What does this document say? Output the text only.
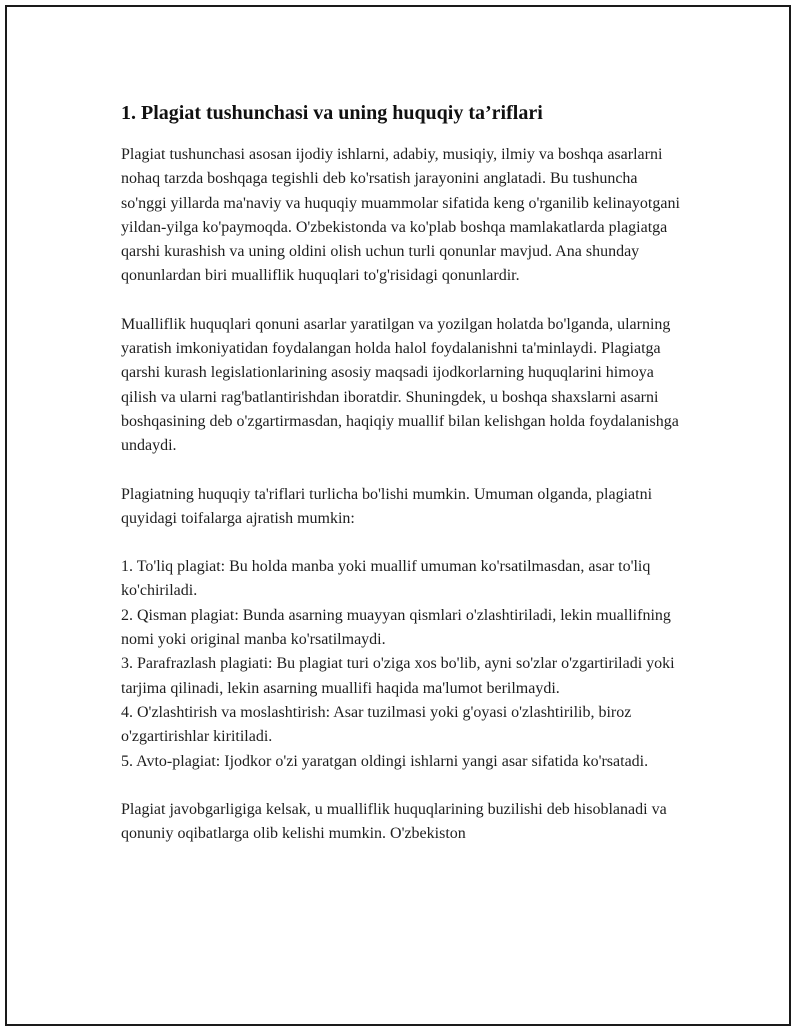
1. Plagiat tushunchasi va uning huquqiy ta’riflari

Plagiat tushunchasi asosan ijodiy ishlarni, adabiy, musiqiy, ilmiy va boshqa asarlarni nohaq tarzda boshqaga tegishli deb ko'rsatish jarayonini anglatadi. Bu tushuncha so'nggi yillarda ma'naviy va huquqiy muammolar sifatida keng o'rganilib kelinayotgani yildan-yilga ko'paymoqda. O'zbekistonda va ko'plab boshqa mamlakatlarda plagiatga qarshi kurashish va uning oldini olish uchun turli qonunlar mavjud. Ana shunday qonunlardan biri mualliflik huquqlari to'g'risidagi qonunlardir.

Mualliflik huquqlari qonuni asarlar yaratilgan va yozilgan holatda bo'lganda, ularning yaratish imkoniyatidan foydalangan holda halol foydalanishni ta'minlaydi. Plagiatga qarshi kurash legislationlarining asosiy maqsadi ijodkorlarning huquqlarini himoya qilish va ularni rag'batlantirishdan iboratdir. Shuningdek, u boshqa shaxslarni asarni boshqasining deb o'zgartirmasdan, haqiqiy muallif bilan kelishgan holda foydalanishga undaydi.

Plagiatning huquqiy ta'riflari turlicha bo'lishi mumkin. Umuman olganda, plagiatni quyidagi toifalarga ajratish mumkin:

1. To'liq plagiat: Bu holda manba yoki muallif umuman ko'rsatilmasdan, asar to'liq ko'chiriladi.
2. Qisman plagiat: Bunda asarning muayyan qismlari o'zlashtiriladi, lekin muallifning nomi yoki original manba ko'rsatilmaydi.
3. Parafrazlash plagiati: Bu plagiat turi o'ziga xos bo'lib, ayni so'zlar o'zgartiriladi yoki tarjima qilinadi, lekin asarning muallifi haqida ma'lumot berilmaydi.
4. O'zlashtirish va moslashtirish: Asar tuzilmasi yoki g'oyasi o'zlashtirilib, biroz o'zgartirishlar kiritiladi.
5. Avto-plagiat: Ijodkor o'zi yaratgan oldingi ishlarni yangi asar sifatida ko'rsatadi.

Plagiat javobgarligiga kelsak, u mualliflik huquqlarining buzilishi deb hisoblanadi va qonuniy oqibatlarga olib kelishi mumkin. O'zbekiston
